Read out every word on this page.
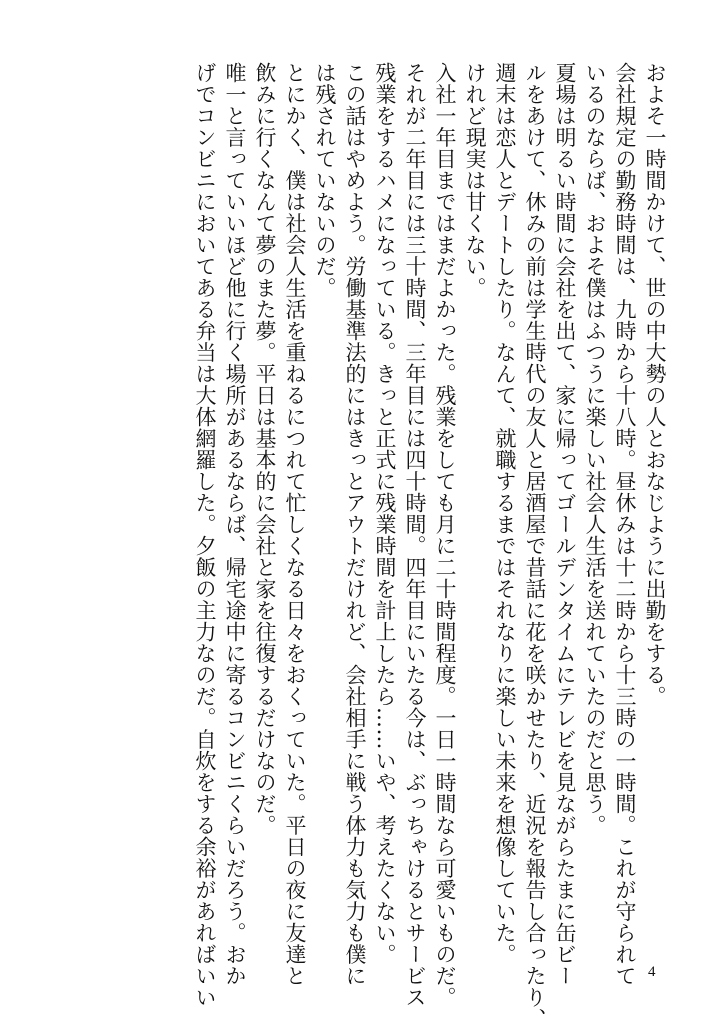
およそ一時間かけて、世の中大勢の人とおなじように出勤をする。
会社規定の勤務時間は、九時から十八時。昼休みは十二時から十三時の一時間。これが守られて
いるのならば、およそ僕はふつうに楽しい社会人生活を送れていたのだと思う。
夏場は明るい時間に会社を出て、家に帰ってゴールデンタイムにテレビを見ながらたまに缶ビー
ルをあけて、休みの前は学生時代の友人と居酒屋で昔話に花を咲かせたり、近況を報告し合ったり、
週末は恋人とデートしたり。なんて、就職するまではそれなりに楽しい未来を想像していた。
けれど現実は甘くない。
入社一年目まではまだよかった。残業をしても月に二十時間程度。一日一時間なら可愛いものだ。
それが二年目には三十時間、三年目には四十時間。四年目にいたる今は、ぶっちゃけるとサービス
残業をするハメになっている。きっと正式に残業時間を計上したら……いや、考えたくない。
この話はやめよう。労働基準法的にはきっとアウトだけれど、会社相手に戦う体力も気力も僕に
は残されていないのだ。
とにかく、僕は社会人生活を重ねるにつれて忙しくなる日々をおくっていた。平日の夜に友達と
飲みに行くなんて夢のまた夢。平日は基本的に会社と家を往復するだけなのだ。
唯一と言っていいほど他に行く場所があるならば、帰宅途中に寄るコンビニくらいだろう。おか
げでコンビニにおいてある弁当は大体網羅した。夕飯の主力なのだ。自炊をする余裕があればいい	4
